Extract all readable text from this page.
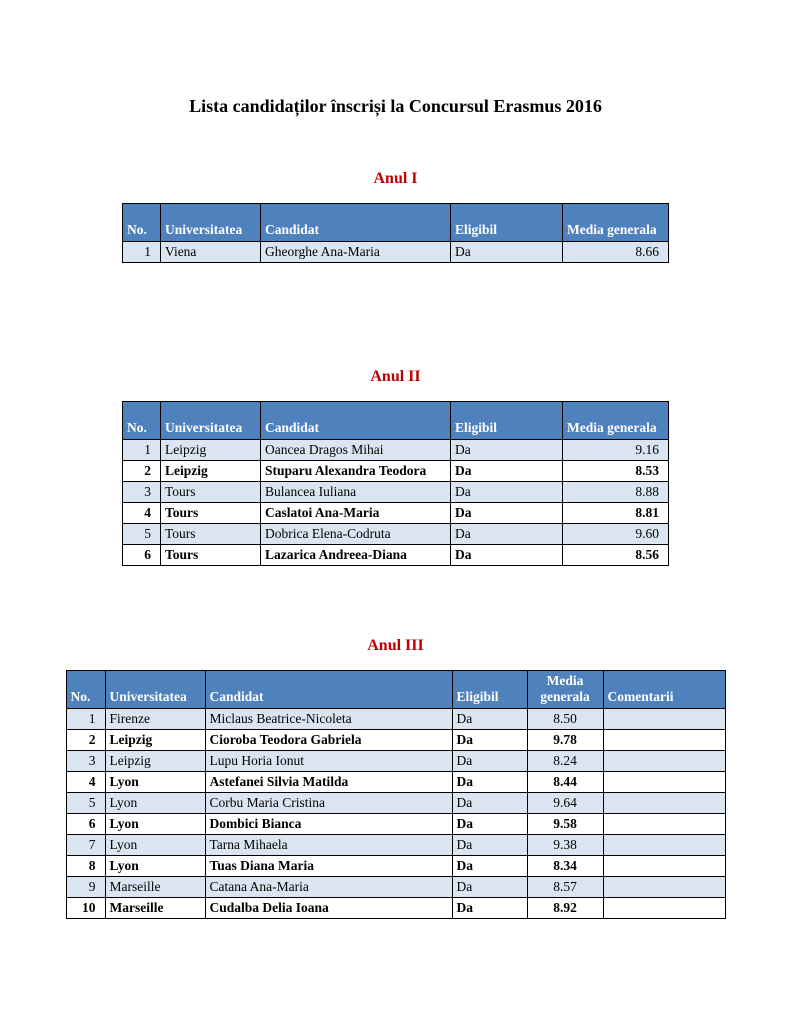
Lista candidaților înscriși la Concursul Erasmus 2016
Anul I
No.	Universitatea	Candidat	Eligibil	Media generala
1	Viena	Gheorghe Ana-Maria	Da	8.66
Anul II
No.	Universitatea	Candidat	Eligibil	Media generala
1	Leipzig	Oancea Dragos Mihai	Da	9.16
2	Leipzig	Stuparu Alexandra Teodora	Da	8.53
3	Tours	Bulancea Iuliana	Da	8.88
4	Tours	Caslatoi Ana-Maria	Da	8.81
5	Tours	Dobrica Elena-Codruta	Da	9.60
6	Tours	Lazarica Andreea-Diana	Da	8.56
Anul III
No.	Universitatea	Candidat	Eligibil	Media generala	Comentarii
1	Firenze	Miclaus Beatrice-Nicoleta	Da	8.50	
2	Leipzig	Cioroba Teodora Gabriela	Da	9.78	
3	Leipzig	Lupu Horia Ionut	Da	8.24	
4	Lyon	Astefanei Silvia Matilda	Da	8.44	
5	Lyon	Corbu Maria Cristina	Da	9.64	
6	Lyon	Dombici Bianca	Da	9.58	
7	Lyon	Tarna Mihaela	Da	9.38	
8	Lyon	Tuas Diana Maria	Da	8.34	
9	Marseille	Catana Ana-Maria	Da	8.57	
10	Marseille	Cudalba Delia Ioana	Da	8.92	
